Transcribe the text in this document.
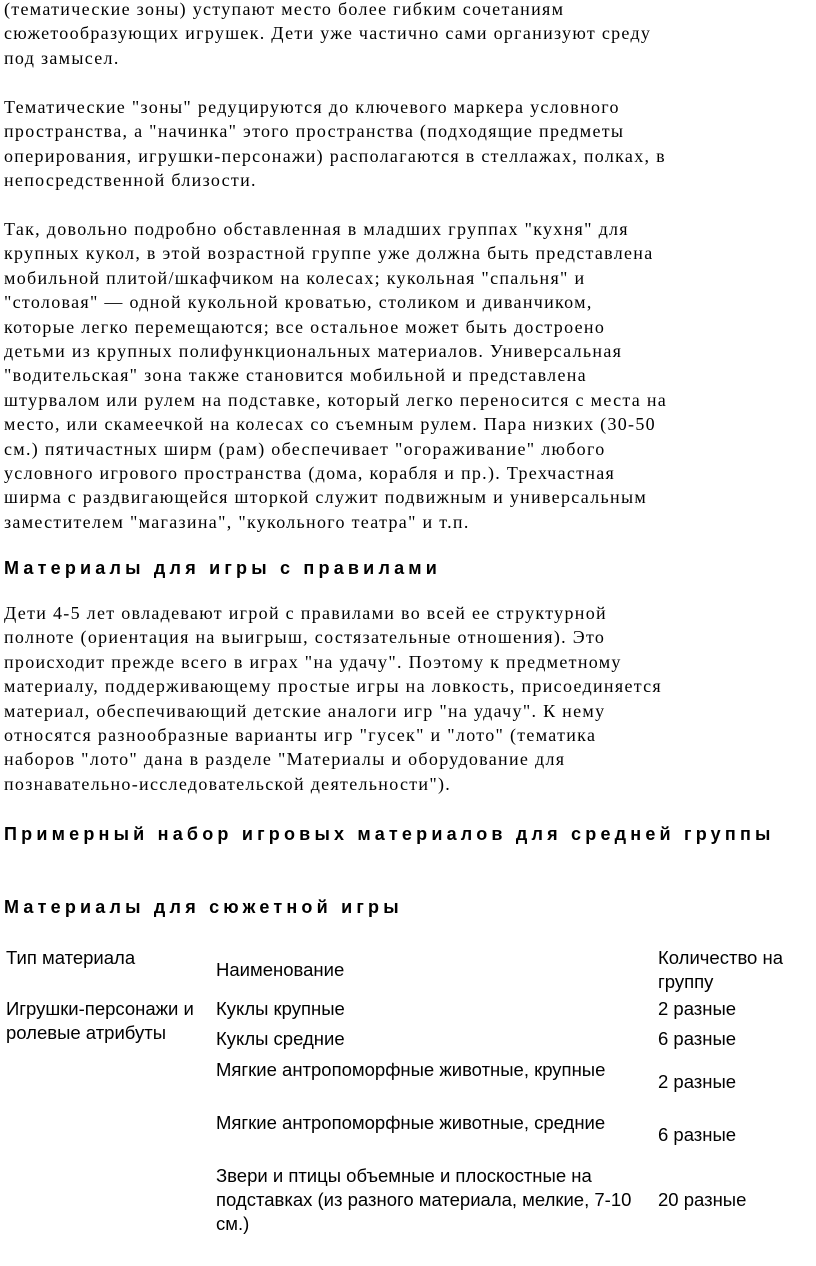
(тематические зоны) уступают место более гибким сочетаниям
сюжетообразующих игрушек. Дети уже частично сами организуют среду
под замысел.

Тематические "зоны" редуцируются до ключевого маркера условного
пространства, а "начинка" этого пространства (подходящие предметы
оперирования, игрушки-персонажи) располагаются в стеллажах, полках, в
непосредственной близости.

Так, довольно подробно обставленная в младших группах "кухня" для
крупных кукол, в этой возрастной группе уже должна быть представлена
мобильной плитой/шкафчиком на колесах; кукольная "спальня" и
"столовая" — одной кукольной кроватью, столиком и диванчиком,
которые легко перемещаются; все остальное может быть достроено
детьми из крупных полифункциональных материалов. Универсальная
"водительская" зона также становится мобильной и представлена
штурвалом или рулем на подставке, который легко переносится с места на
место, или скамеечкой на колесах со съемным рулем. Пара низких (30-50
см.) пятичастных ширм (рам) обеспечивает "огораживание" любого
условного игрового пространства (дома, корабля и пр.). Трехчастная
ширма с раздвигающейся шторкой служит подвижным и универсальным
заместителем "магазина", "кукольного театра" и т.п.

Материалы для игры с правилами

Дети 4-5 лет овладевают игрой с правилами во всей ее структурной
полноте (ориентация на выигрыш, состязательные отношения). Это
происходит прежде всего в играх "на удачу". Поэтому к предметному
материалу, поддерживающему простые игры на ловкость, присоединяется
материал, обеспечивающий детские аналоги игр "на удачу". К нему
относятся разнообразные варианты игр "гусек" и "лото" (тематика
наборов "лото" дана в разделе "Материалы и оборудование для
познавательно-исследовательской деятельности").

Примерный набор игровых материалов для средней группы
Материалы для сюжетной игры
Тип материала
Наименование
Количество на группу
Игрушки-персонажи и ролевые атрибуты
Куклы крупные	2 разные
Куклы средние	6 разные
Мягкие антропоморфные животные, крупные
2 разные
Мягкие антропоморфные животные, средние
6 разные
Звери и птицы объемные и плоскостные на подставках (из разного материала, мелкие, 7-10 см.)
20 разные
